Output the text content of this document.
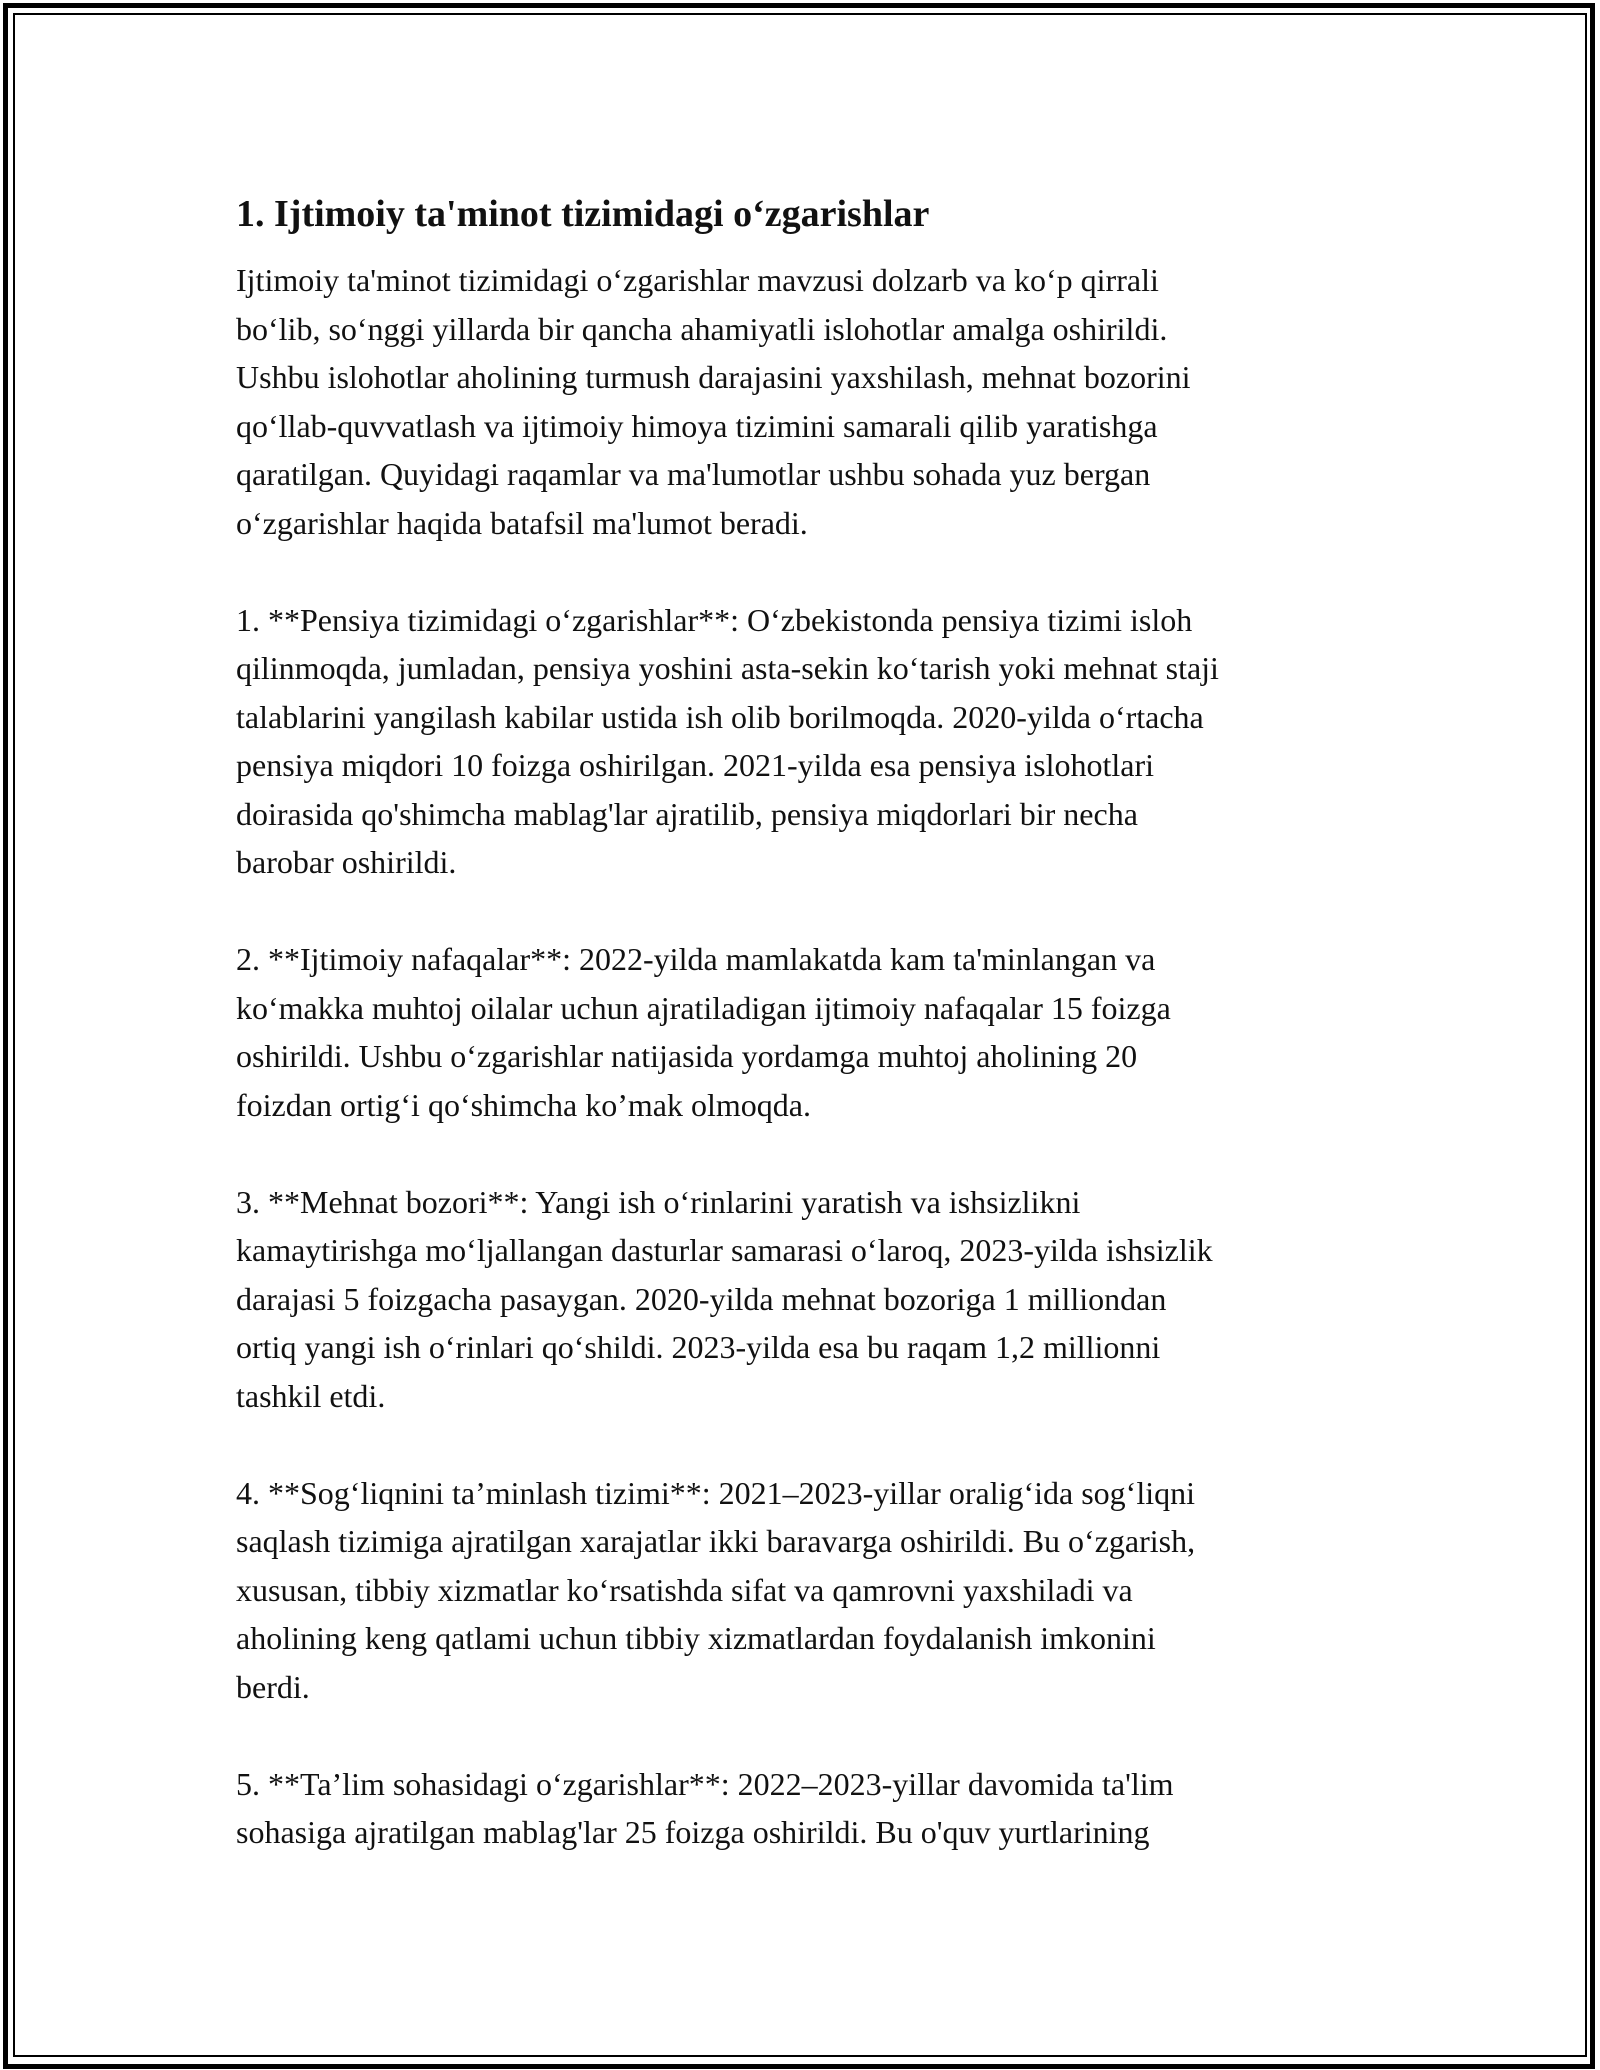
1. Ijtimoiy ta'minot tizimidagi o‘zgarishlar
Ijtimoiy ta'minot tizimidagi o‘zgarishlar mavzusi dolzarb va ko‘p qirrali
bo‘lib, so‘nggi yillarda bir qancha ahamiyatli islohotlar amalga oshirildi.
Ushbu islohotlar aholining turmush darajasini yaxshilash, mehnat bozorini
qo‘llab-quvvatlash va ijtimoiy himoya tizimini samarali qilib yaratishga
qaratilgan. Quyidagi raqamlar va ma'lumotlar ushbu sohada yuz bergan
o‘zgarishlar haqida batafsil ma'lumot beradi.
1. **Pensiya tizimidagi o‘zgarishlar**: O‘zbekistonda pensiya tizimi isloh
qilinmoqda, jumladan, pensiya yoshini asta-sekin ko‘tarish yoki mehnat staji
talablarini yangilash kabilar ustida ish olib borilmoqda. 2020-yilda o‘rtacha
pensiya miqdori 10 foizga oshirilgan. 2021-yilda esa pensiya islohotlari
doirasida qo'shimcha mablag'lar ajratilib, pensiya miqdorlari bir necha
barobar oshirildi.
2. **Ijtimoiy nafaqalar**: 2022-yilda mamlakatda kam ta'minlangan va
ko‘makka muhtoj oilalar uchun ajratiladigan ijtimoiy nafaqalar 15 foizga
oshirildi. Ushbu o‘zgarishlar natijasida yordamga muhtoj aholining 20
foizdan ortig‘i qo‘shimcha ko’mak olmoqda.
3. **Mehnat bozori**: Yangi ish o‘rinlarini yaratish va ishsizlikni
kamaytirishga mo‘ljallangan dasturlar samarasi o‘laroq, 2023-yilda ishsizlik
darajasi 5 foizgacha pasaygan. 2020-yilda mehnat bozoriga 1 milliondan
ortiq yangi ish o‘rinlari qo‘shildi. 2023-yilda esa bu raqam 1,2 millionni
tashkil etdi.
4. **Sog‘liqnini ta’minlash tizimi**: 2021–2023-yillar oralig‘ida sog‘liqni
saqlash tizimiga ajratilgan xarajatlar ikki baravarga oshirildi. Bu o‘zgarish,
xususan, tibbiy xizmatlar ko‘rsatishda sifat va qamrovni yaxshiladi va
aholining keng qatlami uchun tibbiy xizmatlardan foydalanish imkonini
berdi.
5. **Ta’lim sohasidagi o‘zgarishlar**: 2022–2023-yillar davomida ta'lim
sohasiga ajratilgan mablag'lar 25 foizga oshirildi. Bu o'quv yurtlarining
